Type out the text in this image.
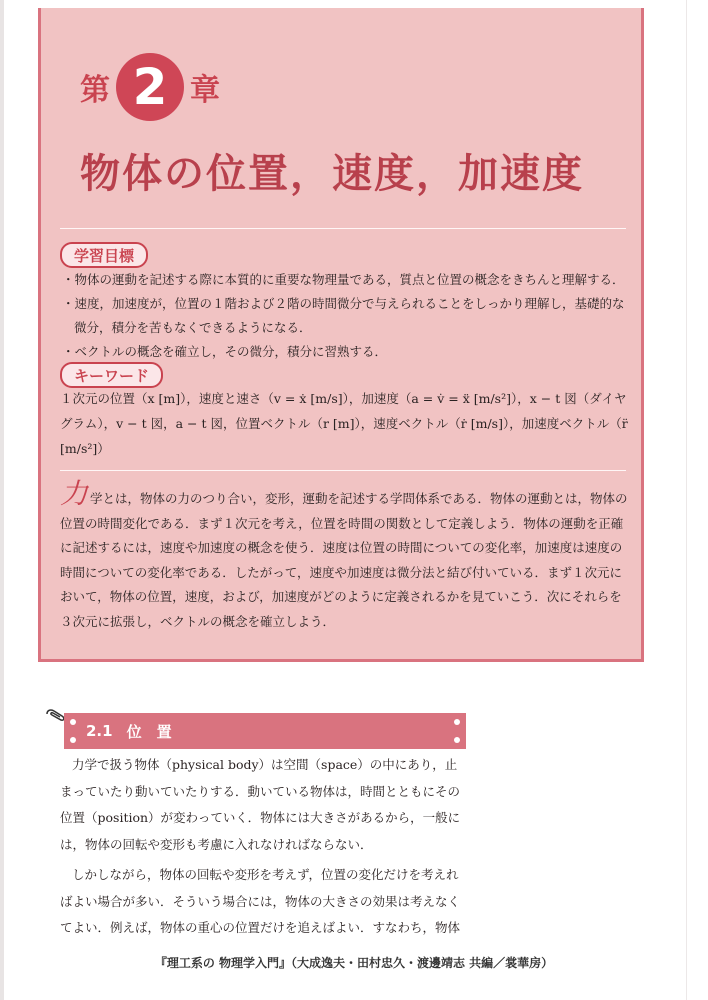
第 2 章
物体の位置，速度，加速度
学習目標
・ 物体の運動を記述する際に本質的に重要な物理量である，質点と位置の概念をきちんと理解する．
・ 速度，加速度が，位置の１階および２階の時間微分で与えられることをしっかり理解し，基礎的な微分，積分を苦もなくできるようになる．
・ ベクトルの概念を確立し，その微分，積分に習熟する．
キーワード
１次元の位置（x [m]），速度と速さ（v = ẋ [m/s]），加速度（a = v̇ = ẍ [m/s²]），x − t 図（ダイヤグラム），v − t 図，a − t 図，位置ベクトル（r [m]），速度ベクトル（ṙ [m/s]），加速度ベクトル（r̈ [m/s²]）
力学とは，物体の力のつり合い，変形，運動を記述する学問体系である．物体の運動とは，物体の位置の時間変化である．まず１次元を考え，位置を時間の関数として定義しよう．物体の運動を正確に記述するには，速度や加速度の概念を使う．速度は位置の時間についての変化率，加速度は速度の時間についての変化率である．したがって，速度や加速度は微分法と結び付いている．まず１次元において，物体の位置，速度，および，加速度がどのように定義されるかを見ていこう．次にそれらを３次元に拡張し，ベクトルの概念を確立しよう．
2.1 位　置

力学で扱う物体（physical body）は空間（space）の中にあり，止まっていたり動いていたりする．動いている物体は，時間とともにその位置（position）が変わっていく．物体には大きさがあるから，一般には，物体の回転や変形も考慮に入れなければならない．

しかしながら，物体の回転や変形を考えず，位置の変化だけを考えればよい場合が多い．そういう場合には，物体の大きさの効果は考えなくてよい．例えば，物体の重心の位置だけを追えばよい．すなわち，物体

『理工系の 物理学入門』（大成逸夫・田村忠久・渡邊靖志 共編／裳華房）
